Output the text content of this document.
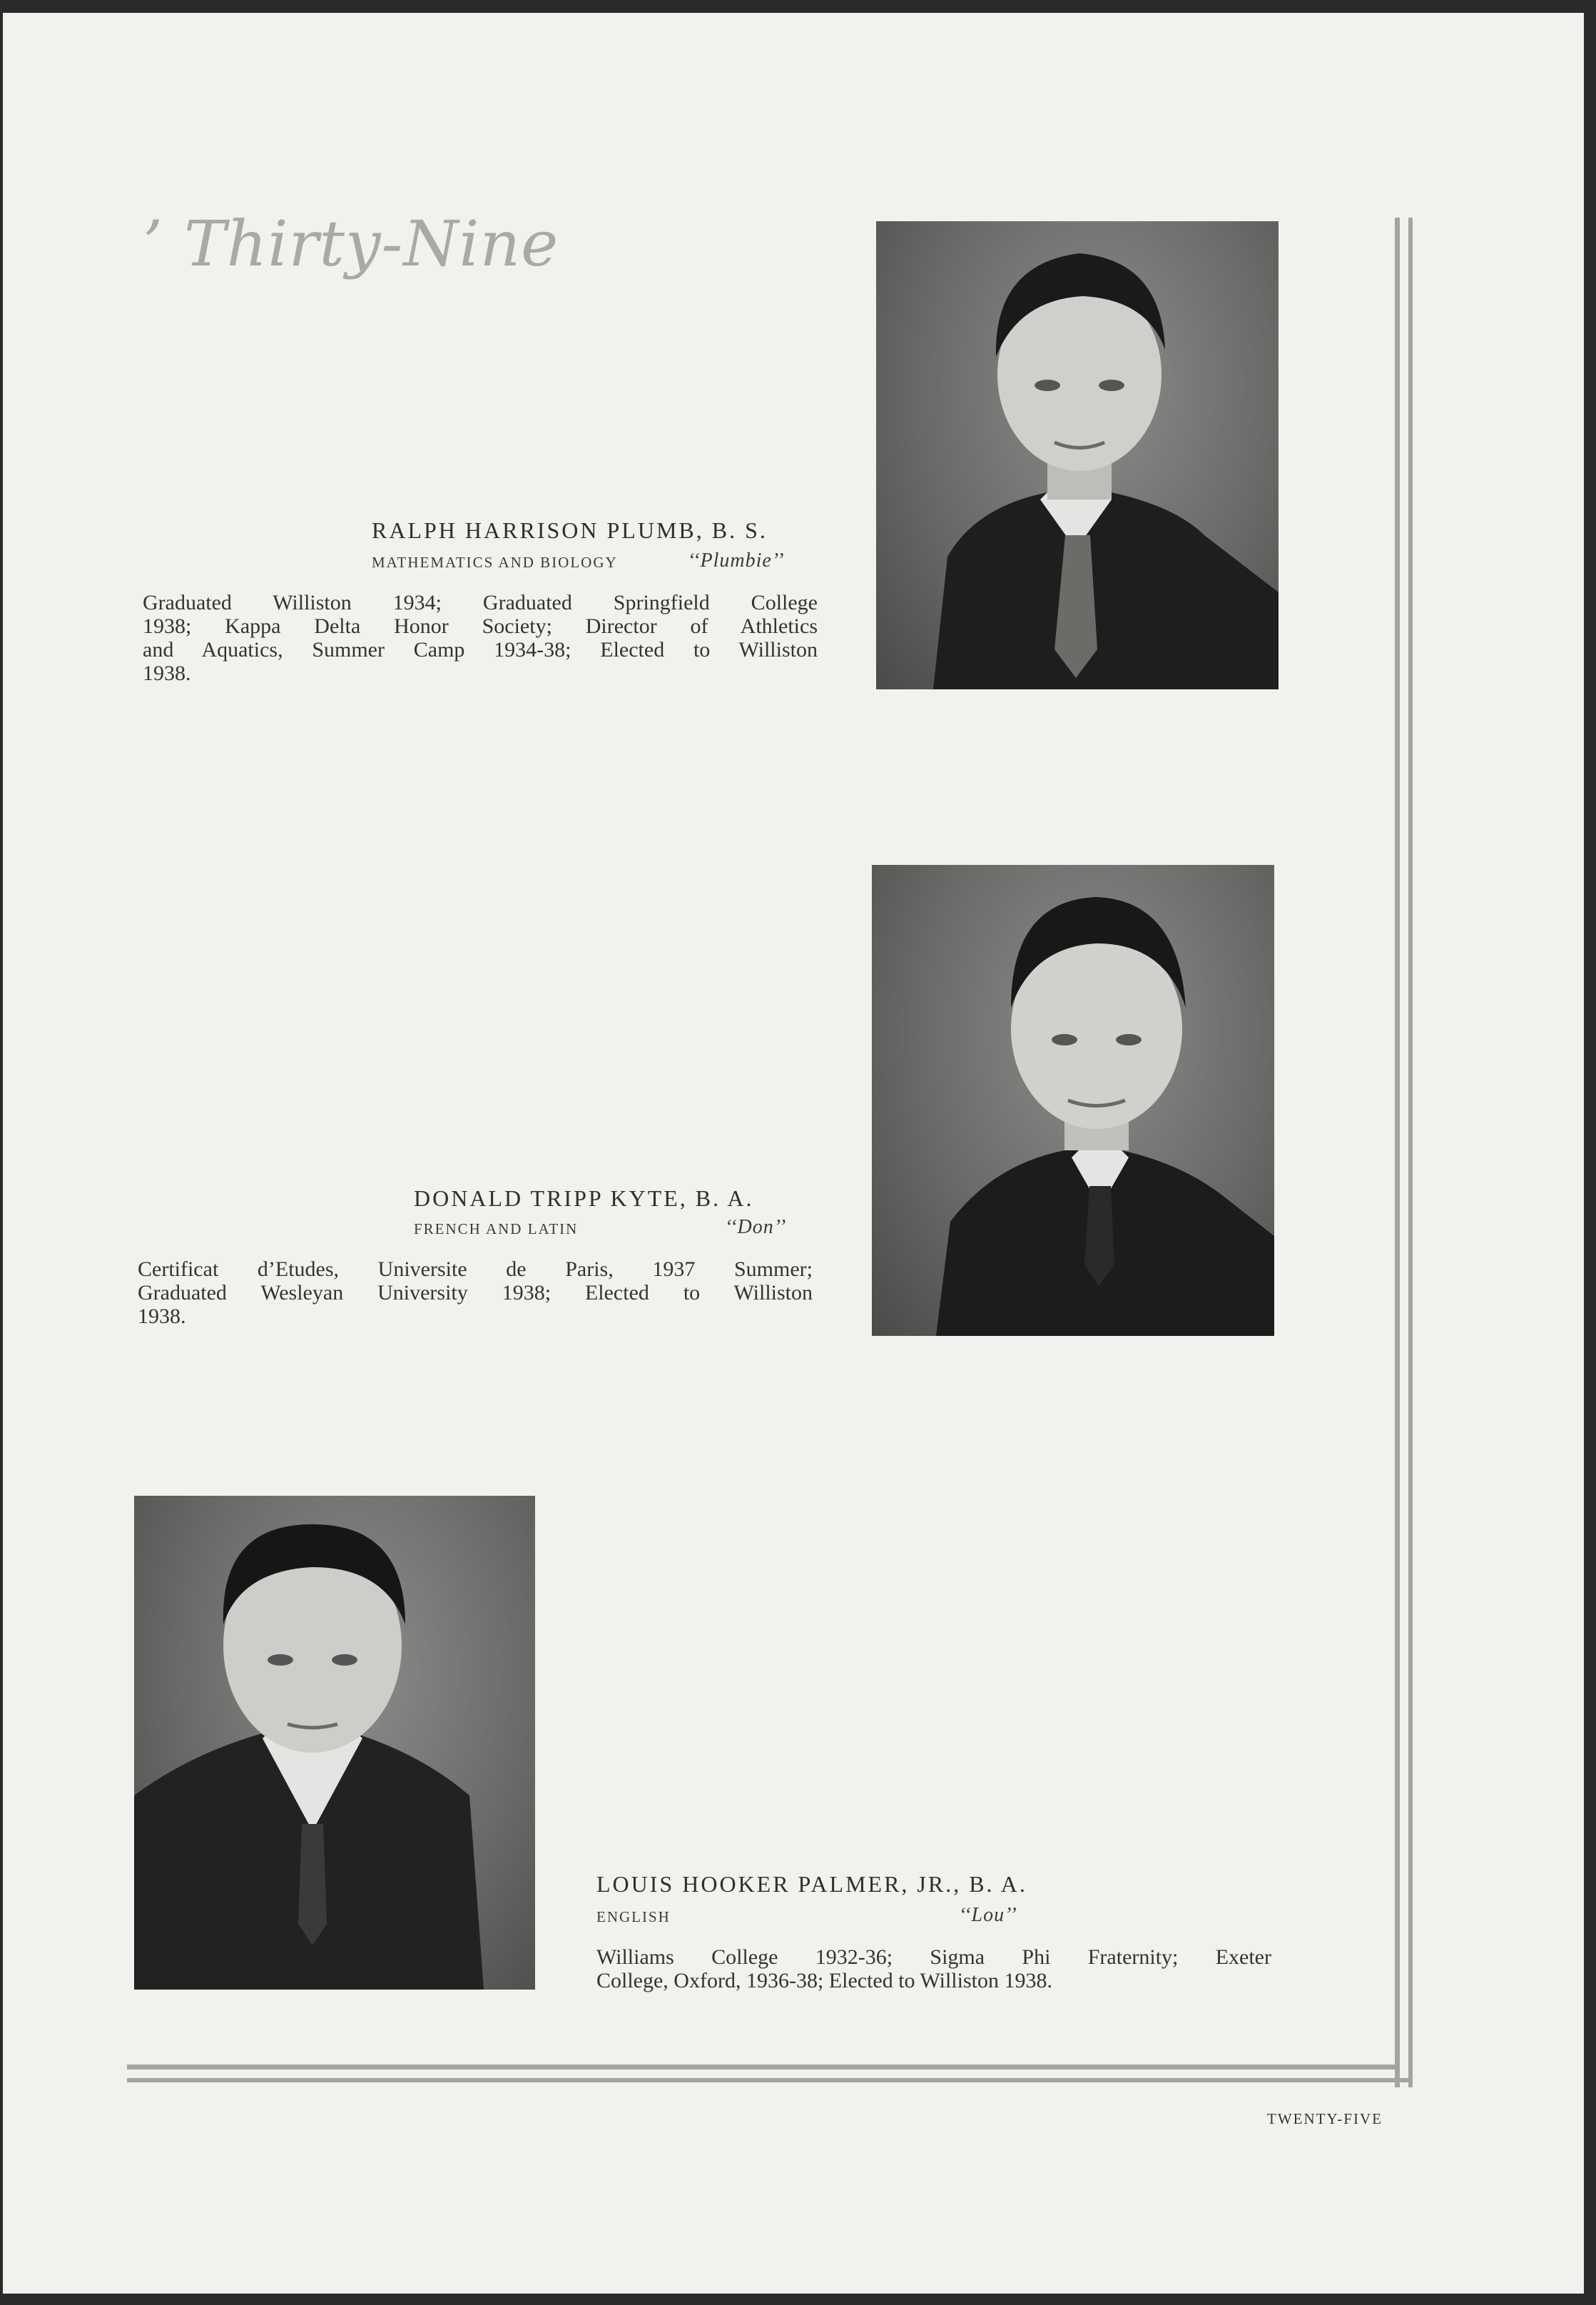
’ Thirty-Nine
RALPH HARRISON PLUMB, B. S.
MATHEMATICS AND BIOLOGY	‘‘Plumbie’’
Graduated Williston 1934; Graduated Springfield College
1938; Kappa Delta Honor Society; Director of Athletics
and Aquatics, Summer Camp 1934-38; Elected to Williston
1938.
DONALD TRIPP KYTE, B. A.
FRENCH AND LATIN	‘‘Don’’
Certificat d’Etudes, Universite de Paris, 1937 Summer;
Graduated Wesleyan University 1938; Elected to Williston
1938.
LOUIS HOOKER PALMER, JR., B. A.
ENGLISH	‘‘Lou’’
Williams College 1932-36; Sigma Phi Fraternity; Exeter
College, Oxford, 1936-38; Elected to Williston 1938.
TWENTY-FIVE
